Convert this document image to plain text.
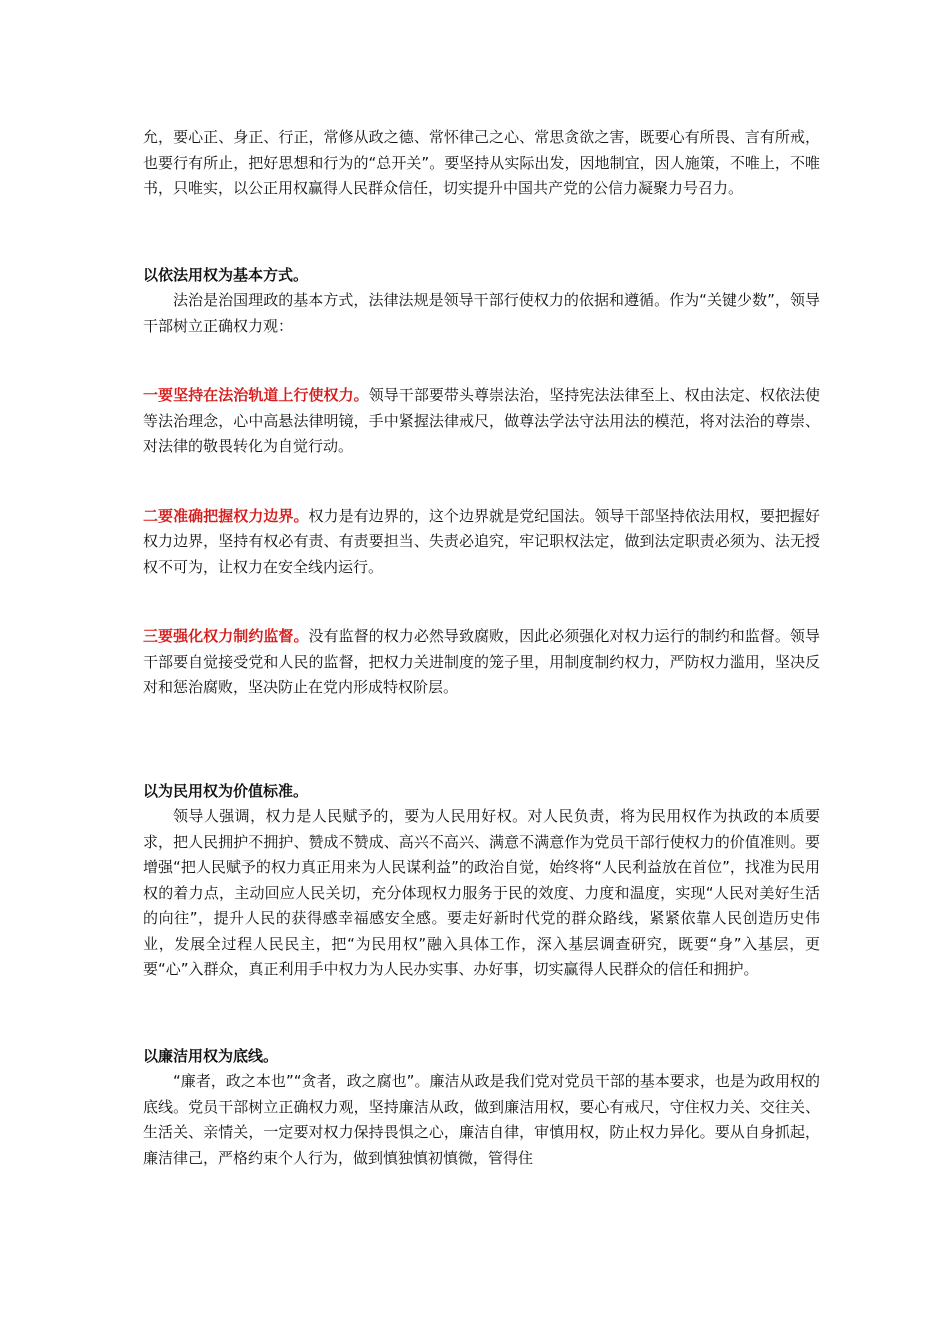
允，要心正、身正、行正，常修从政之德、常怀律己之心、常思贪欲之害，既要心有所畏、言有所戒，也要行有所止，把好思想和行为的“总开关”。要坚持从实际出发，因地制宜，因人施策，不唯上，不唯书，只唯实，以公正用权赢得人民群众信任，切实提升中国共产党的公信力凝聚力号召力。

以依法用权为基本方式。

法治是治国理政的基本方式，法律法规是领导干部行使权力的依据和遵循。作为“关键少数”，领导干部树立正确权力观：

一要坚持在法治轨道上行使权力。领导干部要带头尊崇法治，坚持宪法法律至上、权由法定、权依法使等法治理念，心中高悬法律明镜，手中紧握法律戒尺，做尊法学法守法用法的模范，将对法治的尊崇、对法律的敬畏转化为自觉行动。

二要准确把握权力边界。权力是有边界的，这个边界就是党纪国法。领导干部坚持依法用权，要把握好权力边界，坚持有权必有责、有责要担当、失责必追究，牢记职权法定，做到法定职责必须为、法无授权不可为，让权力在安全线内运行。

三要强化权力制约监督。没有监督的权力必然导致腐败，因此必须强化对权力运行的制约和监督。领导干部要自觉接受党和人民的监督，把权力关进制度的笼子里，用制度制约权力，严防权力滥用，坚决反对和惩治腐败，坚决防止在党内形成特权阶层。

以为民用权为价值标准。

领导人强调，权力是人民赋予的，要为人民用好权。对人民负责，将为民用权作为执政的本质要求，把人民拥护不拥护、赞成不赞成、高兴不高兴、满意不满意作为党员干部行使权力的价值准则。要增强“把人民赋予的权力真正用来为人民谋利益”的政治自觉，始终将“人民利益放在首位”，找准为民用权的着力点，主动回应人民关切，充分体现权力服务于民的效度、力度和温度，实现“人民对美好生活的向往”，提升人民的获得感幸福感安全感。要走好新时代党的群众路线，紧紧依靠人民创造历史伟业，发展全过程人民民主，把“为民用权”融入具体工作，深入基层调查研究，既要“身”入基层，更要“心”入群众，真正利用手中权力为人民办实事、办好事，切实赢得人民群众的信任和拥护。

以廉洁用权为底线。

“廉者，政之本也”“贪者，政之腐也”。廉洁从政是我们党对党员干部的基本要求，也是为政用权的底线。党员干部树立正确权力观，坚持廉洁从政，做到廉洁用权，要心有戒尺，守住权力关、交往关、生活关、亲情关，一定要对权力保持畏惧之心，廉洁自律，审慎用权，防止权力异化。要从自身抓起，廉洁律己，严格约束个人行为，做到慎独慎初慎微，管得住
